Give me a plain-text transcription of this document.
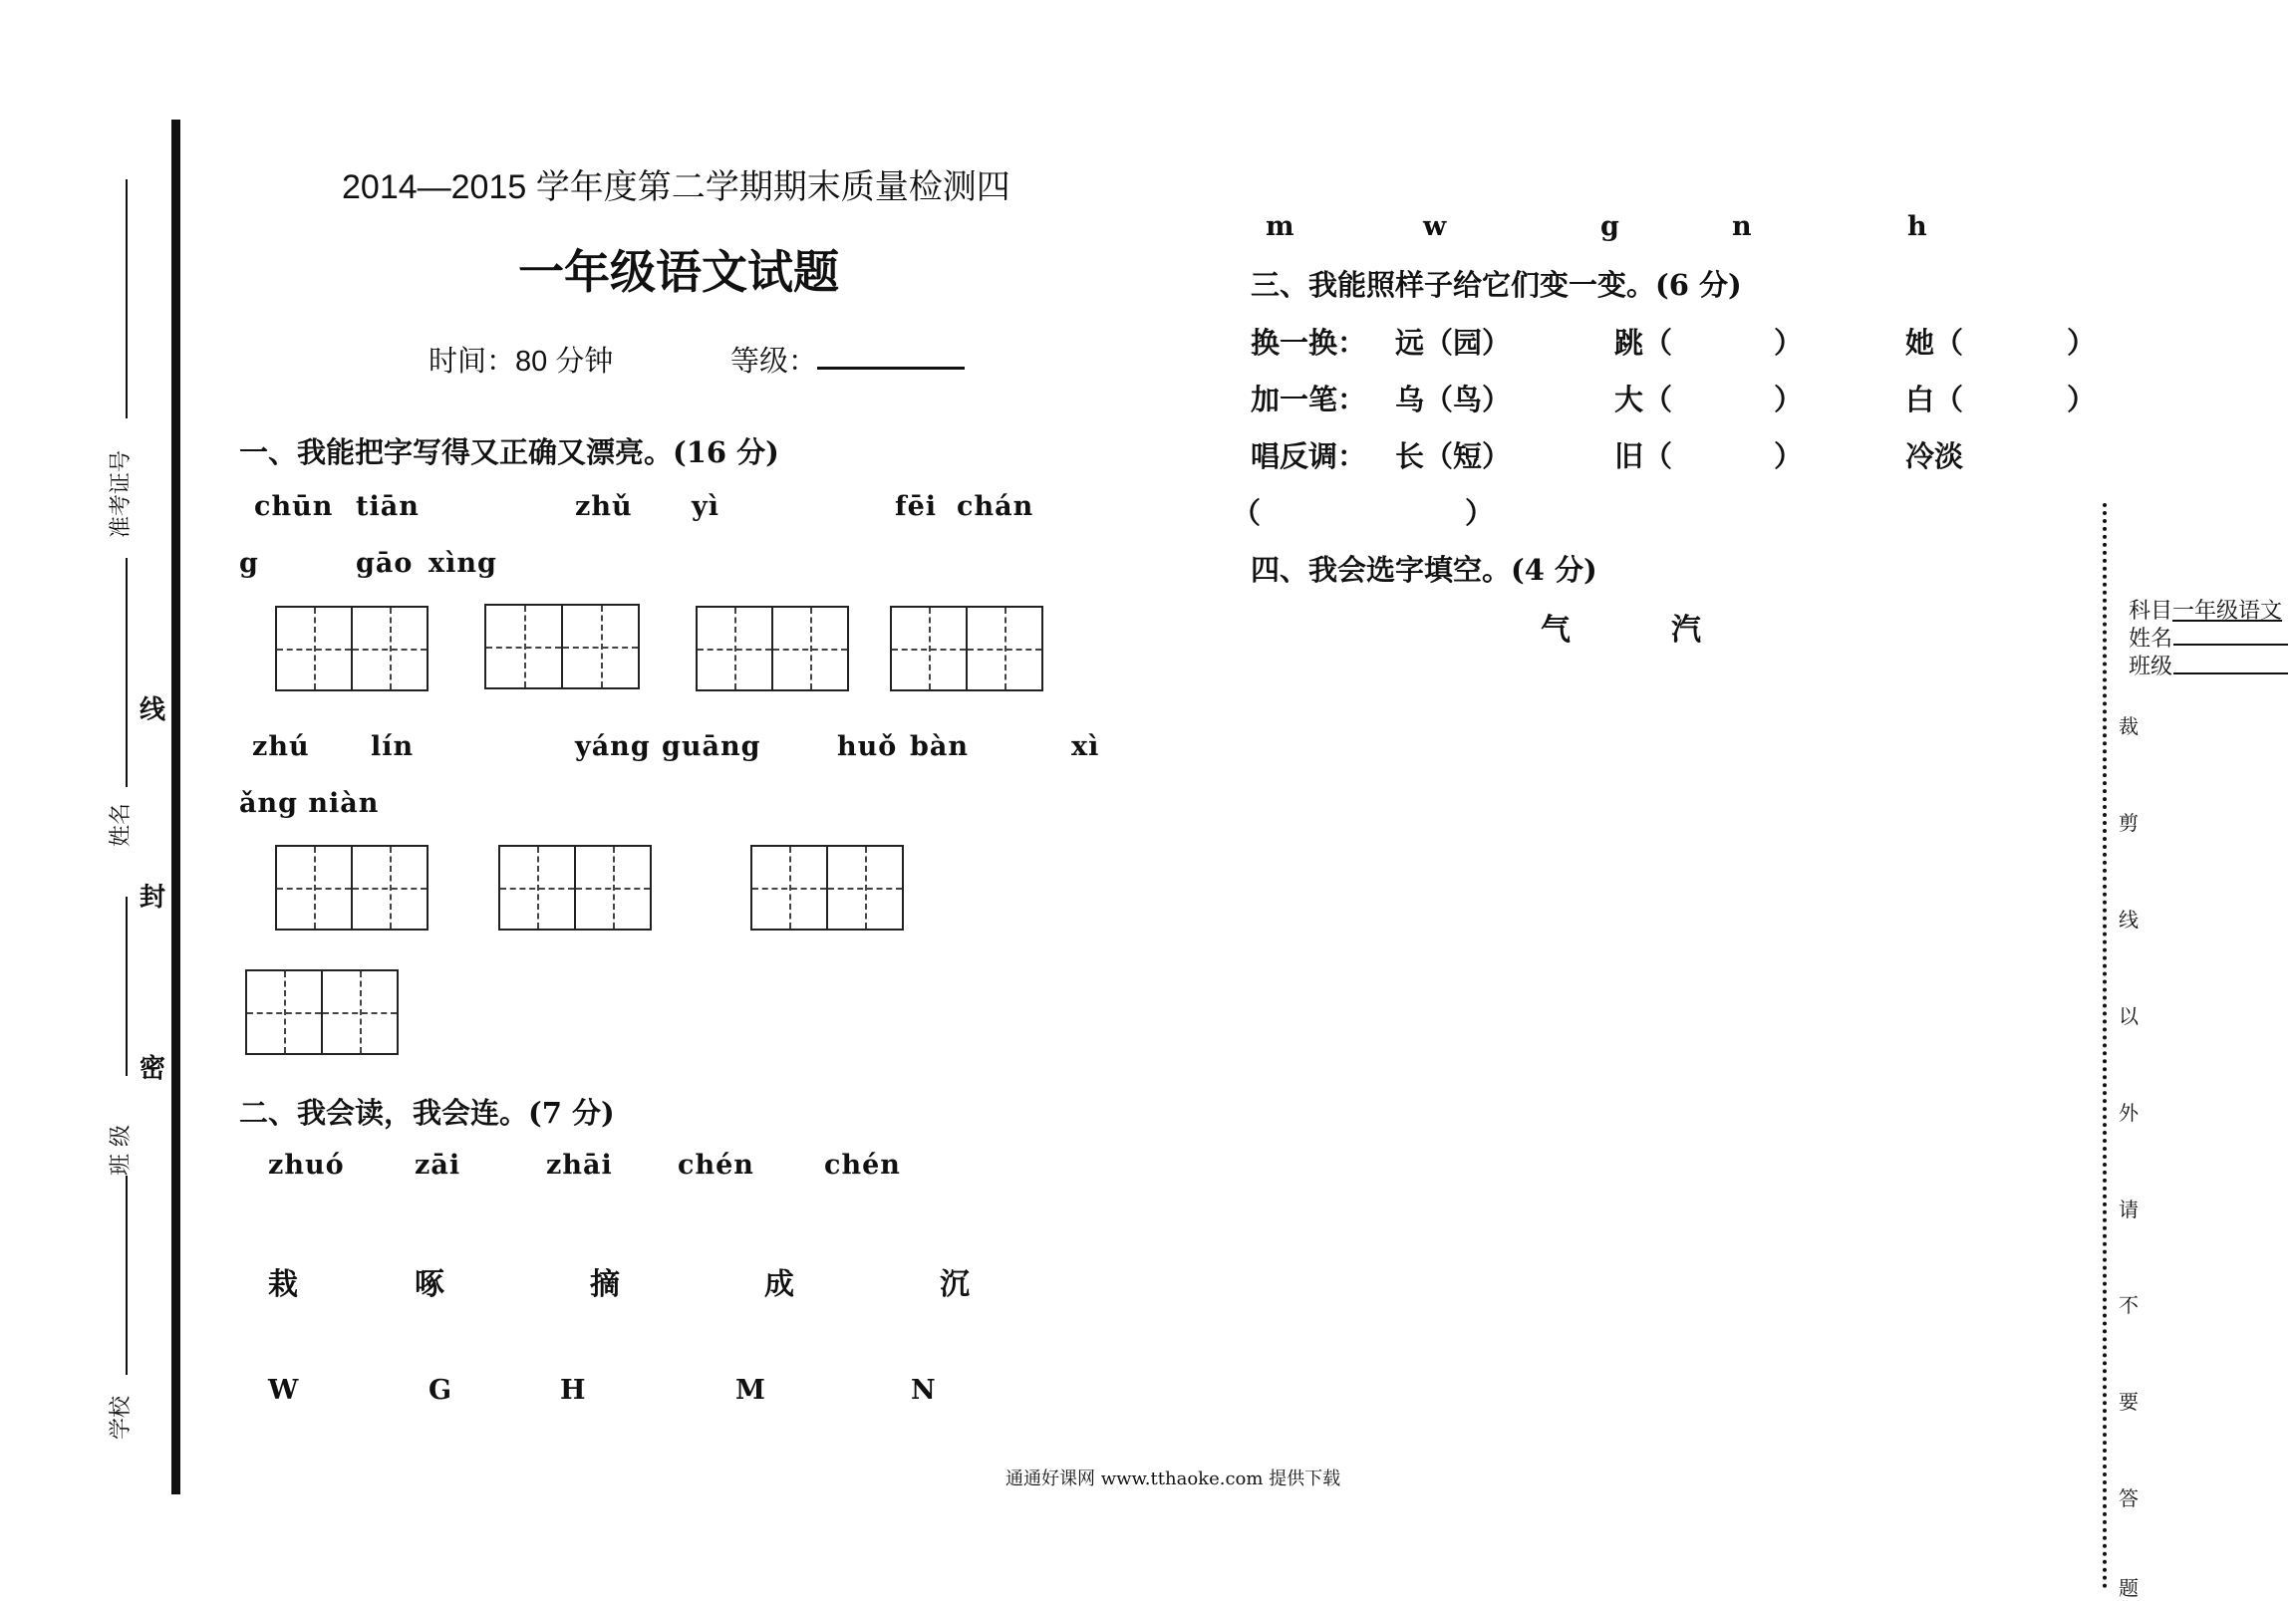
准考证号
姓名
班 级
学校
线
封
密
2014—2015 学年度第二学期期末质量检测四
一年级语文试题
时间：80 分钟	等级：
一、我能把字写得又正确又漂亮。(16 分)
chūn tiān	zhǔ yì	fēi chán
g	gāo xìng
zhú lín	yáng guāng	huǒ bàn	xì
ǎng niàn
二、我会读，我会连。(7 分)
zhuó	zāi	zhāi chén	chén
栽	啄	摘	成	沉
W	G	H	M	N
m	w	g	n	h
三、我能照样子给它们变一变。(6 分)
换一换： 远（园）	跳（	）	她（	）
加一笔： 乌（鸟）	大（	）	白（	）
唱反调： 长（短）	旧（	）	冷淡
（	）
四、我会选字填空。(4 分)
气	汽
通通好课网 www.tthaoke.com 提供下载
科目一年级语文
姓名
班级
裁
剪
线
以
外
请
不
要
答
题
